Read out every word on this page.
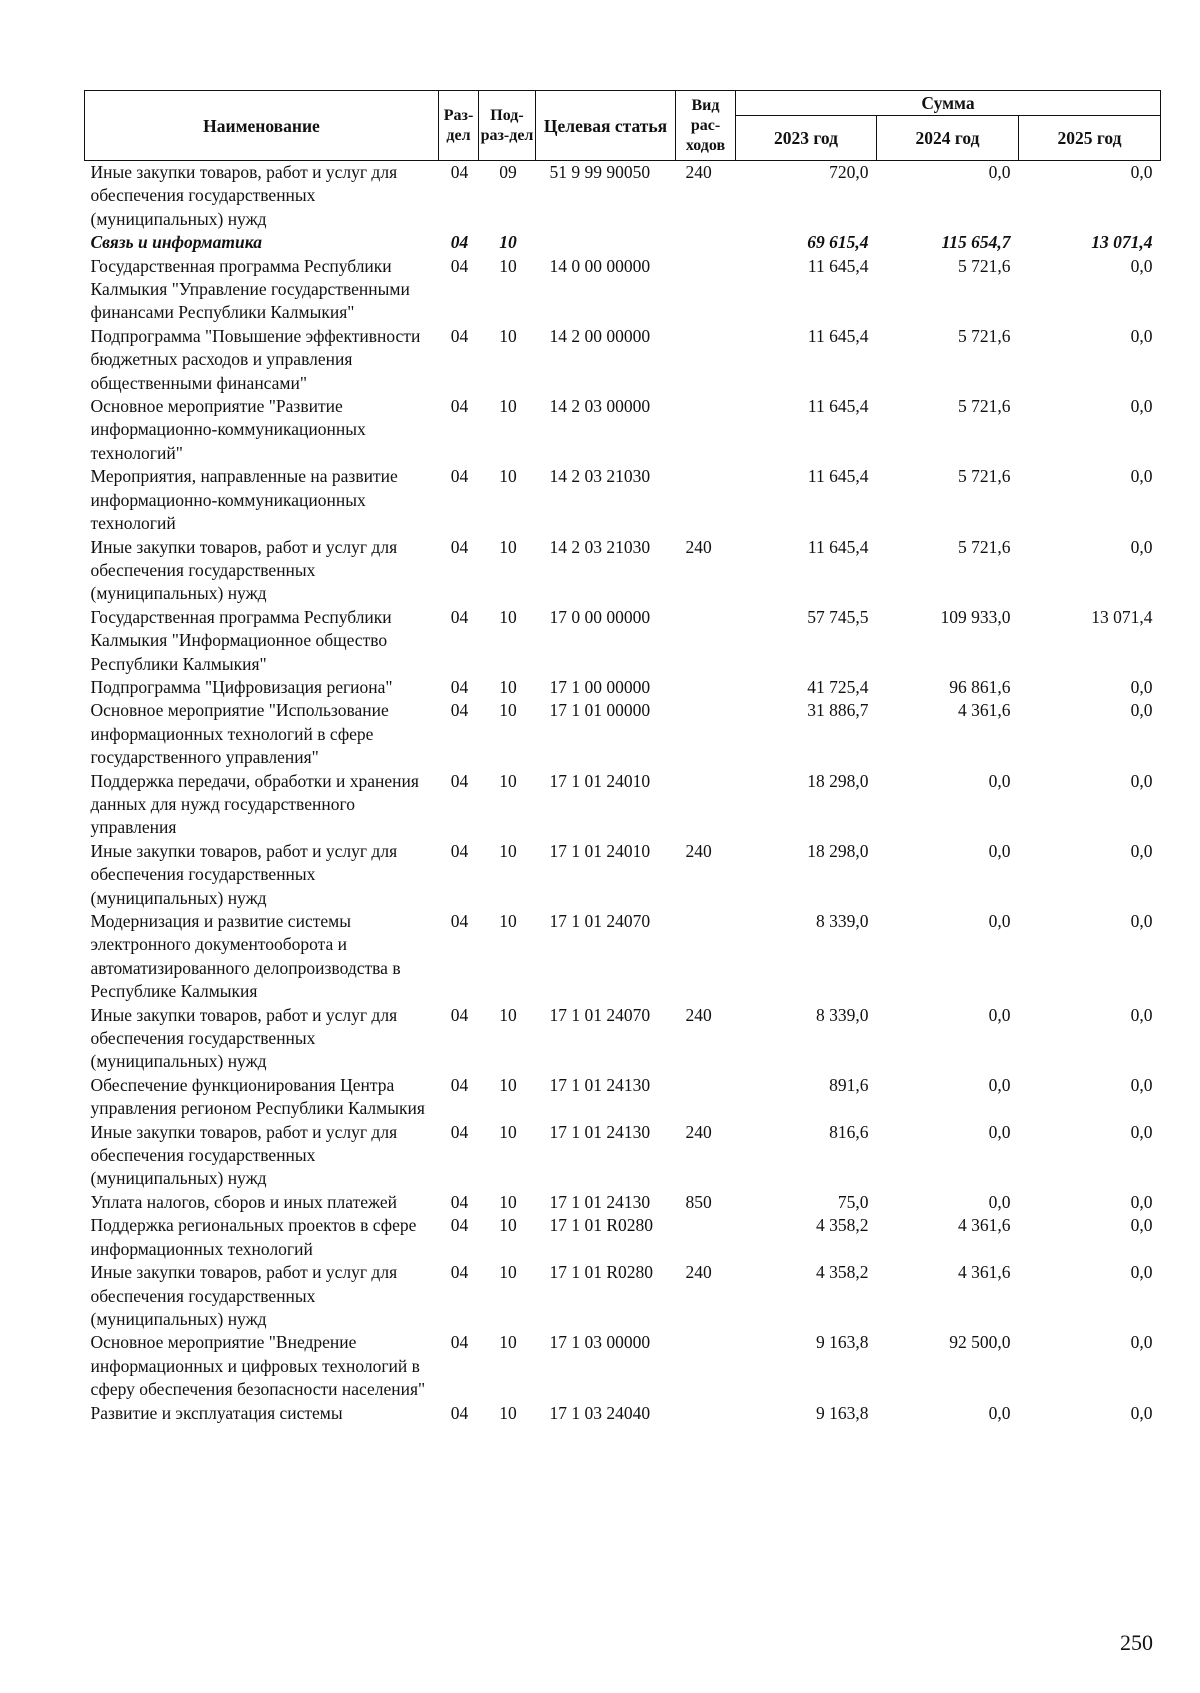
Наименование	Раз-дел	Под-раз-дел	Целевая статья	Вид рас-ходов	Сумма		
					2023 год	2024 год	2025 год
Иные закупки товаров, работ и услуг для обеспечения государственных (муниципальных) нужд	04	09	51 9 99 90050	240	720,0	0,0	0,0
Связь и информатика	04	10			69 615,4	115 654,7	13 071,4
Государственная программа Республики Калмыкия "Управление государственными финансами Республики Калмыкия"	04	10	14 0 00 00000		11 645,4	5 721,6	0,0
Подпрограмма "Повышение эффективности бюджетных расходов и управления общественными финансами"	04	10	14 2 00 00000		11 645,4	5 721,6	0,0
Основное мероприятие "Развитие информационно-коммуникационных технологий"	04	10	14 2 03 00000		11 645,4	5 721,6	0,0
Мероприятия, направленные на развитие информационно-коммуникационных технологий	04	10	14 2 03 21030		11 645,4	5 721,6	0,0
Иные закупки товаров, работ и услуг для обеспечения государственных (муниципальных) нужд	04	10	14 2 03 21030	240	11 645,4	5 721,6	0,0
Государственная программа Республики Калмыкия "Информационное общество Республики Калмыкия"	04	10	17 0 00 00000		57 745,5	109 933,0	13 071,4
Подпрограмма "Цифровизация региона"	04	10	17 1 00 00000		41 725,4	96 861,6	0,0
Основное мероприятие "Использование информационных технологий в сфере государственного управления"	04	10	17 1 01 00000		31 886,7	4 361,6	0,0
Поддержка передачи, обработки и хранения данных для нужд государственного управления	04	10	17 1 01 24010		18 298,0	0,0	0,0
Иные закупки товаров, работ и услуг для обеспечения государственных (муниципальных) нужд	04	10	17 1 01 24010	240	18 298,0	0,0	0,0
Модернизация и развитие системы электронного документооборота и автоматизированного делопроизводства в Республике Калмыкия	04	10	17 1 01 24070		8 339,0	0,0	0,0
Иные закупки товаров, работ и услуг для обеспечения государственных (муниципальных) нужд	04	10	17 1 01 24070	240	8 339,0	0,0	0,0
Обеспечение функционирования Центра управления регионом Республики Калмыкия	04	10	17 1 01 24130		891,6	0,0	0,0
Иные закупки товаров, работ и услуг для обеспечения государственных (муниципальных) нужд	04	10	17 1 01 24130	240	816,6	0,0	0,0
Уплата налогов, сборов и иных платежей	04	10	17 1 01 24130	850	75,0	0,0	0,0
Поддержка региональных проектов в сфере информационных технологий	04	10	17 1 01 R0280		4 358,2	4 361,6	0,0
Иные закупки товаров, работ и услуг для обеспечения государственных (муниципальных) нужд	04	10	17 1 01 R0280	240	4 358,2	4 361,6	0,0
Основное мероприятие "Внедрение информационных и цифровых технологий в сферу обеспечения безопасности населения"	04	10	17 1 03 00000		9 163,8	92 500,0	0,0
Развитие и эксплуатация системы	04	10	17 1 03 24040		9 163,8	0,0	0,0
250
